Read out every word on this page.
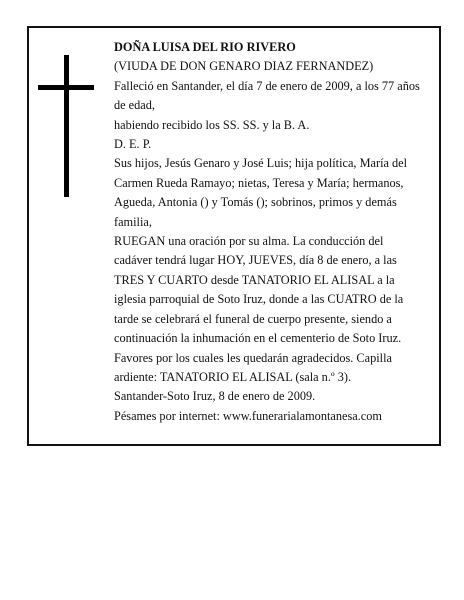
DOÑA LUISA DEL RIO RIVERO

(VIUDA DE DON GENARO DIAZ FERNANDEZ)

Falleció en Santander, el día 7 de enero de 2009, a los 77 años de edad,

habiendo recibido los SS. SS. y la B. A.

D. E. P.

Sus hijos, Jesús Genaro y José Luis; hija política, María del Carmen Rueda Ramayo; nietas, Teresa y María; hermanos, Agueda, Antonia () y Tomás (); sobrinos, primos y demás familia,

RUEGAN una oración por su alma. La conducción del cadáver tendrá lugar HOY, JUEVES, día 8 de enero, a las TRES Y CUARTO desde TANATORIO EL ALISAL a la iglesia parroquial de Soto Iruz, donde a las CUATRO de la tarde se celebrará el funeral de cuerpo presente, siendo a continuación la inhumación en el cementerio de Soto Iruz. Favores por los cuales les quedarán agradecidos. Capilla ardiente: TANATORIO EL ALISAL (sala n.º 3).

Santander-Soto Iruz, 8 de enero de 2009.

Pésames por internet: www.funerarialamontanesa.com
